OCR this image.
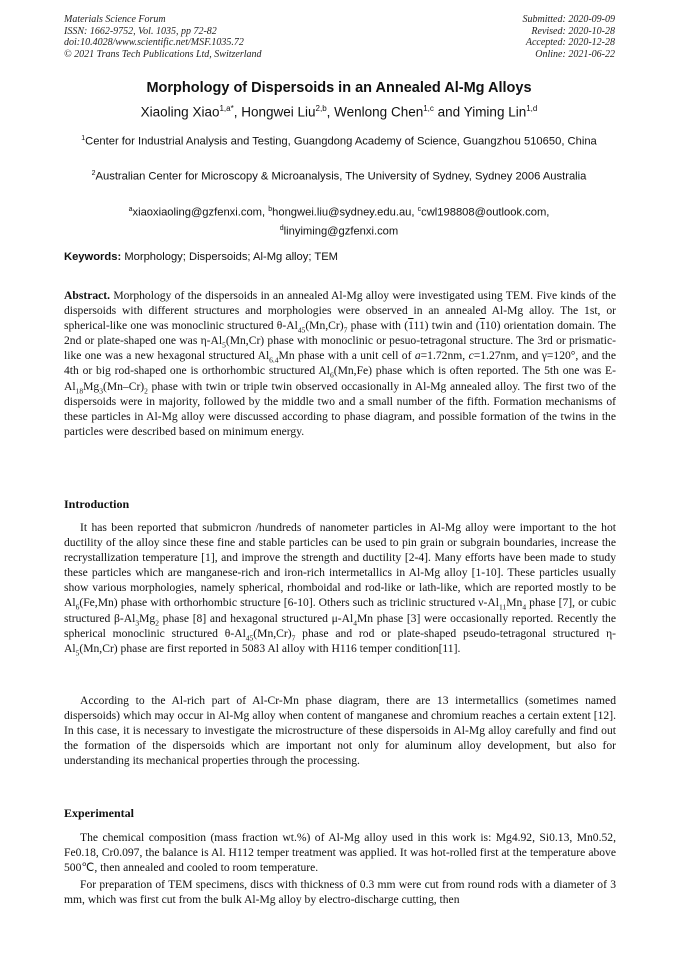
Materials Science Forum
ISSN: 1662-9752, Vol. 1035, pp 72-82
doi:10.4028/www.scientific.net/MSF.1035.72
© 2021 Trans Tech Publications Ltd, Switzerland
Submitted: 2020-09-09
Revised: 2020-10-28
Accepted: 2020-12-28
Online: 2021-06-22
Morphology of Dispersoids in an Annealed Al-Mg Alloys
Xiaoling Xiao$^{1,a*}$, Hongwei Liu$^{2,b}$, Wenlong Chen$^{1,c}$ and Yiming Lin$^{1,d}$
$^1$Center for Industrial Analysis and Testing, Guangdong Academy of Science, Guangzhou 510650, China
$^2$Australian Center for Microscopy & Microanalysis, The University of Sydney, Sydney 2006 Australia
$^a$xiaoxiaoling@gzfenxi.com, $^b$hongwei.liu@sydney.edu.au, $^c$cwl198808@outlook.com,
$^d$linyiming@gzfenxi.com
Keywords: Morphology; Dispersoids; Al-Mg alloy; TEM
Abstract. Morphology of the dispersoids in an annealed Al-Mg alloy were investigated using TEM. Five kinds of the dispersoids with different structures and morphologies were observed in an annealed Al-Mg alloy. The 1st, or spherical-like one was monoclinic structured $\theta-Al_{45}(Mn,Cr)_7$ phase with (111) twin and (110) orientation domain. The 2nd or plate-shaped one was $\eta-Al_5(Mn,Cr)$ phase with monoclinic or pesuo-tetragonal structure. The 3rd or prismatic-like one was a new hexagonal structured $Al_{6.4}Mn$ phase with a unit cell of a=1.72nm, c=1.27nm, and γ=120°, and the 4th or big rod-shaped one is orthorhombic structured $Al_6(Mn,Fe)$ phase which is often reported. The 5th one was $E-Al_{18}Mg_3(Mn-Cr)_2$ phase with twin or triple twin observed occasionally in Al-Mg annealed alloy. The first two of the dispersoids were in majority, followed by the middle two and a small number of the fifth. Formation mechanisms of these particles in Al-Mg alloy were discussed according to phase diagram, and possible formation of the twins in the particles were described based on minimum energy.
Introduction
It has been reported that submicron /hundreds of nanometer particles in Al-Mg alloy were important to the hot ductility of the alloy since these fine and stable particles can be used to pin grain or subgrain boundaries, increase the recrystallization temperature [1], and improve the strength and ductility [2-4]. Many efforts have been made to study these particles which are manganese-rich and iron-rich intermetallics in Al-Mg alloy [1-10]. These particles usually show various morphologies, namely spherical, rhomboidal and rod-like or lath-like, which are reported mostly to be $Al_6(Fe,Mn)$ phase with orthorhombic structure [6-10]. Others such as triclinic structured $\nu-Al_{11}Mn_4$ phase [7], or cubic structured $\beta-Al_3Mg_2$ phase [8] and hexagonal structured $\mu-Al_4Mn$ phase [3] were occasionally reported. Recently the spherical monoclinic structured $\theta-Al_{45}(Mn,Cr)_7$ phase and rod or plate-shaped pseudo-tetragonal structured $\eta-Al_5(Mn,Cr)$ phase are first reported in 5083 Al alloy with H116 temper condition[11].
According to the Al-rich part of Al-Cr-Mn phase diagram, there are 13 intermetallics (sometimes named dispersoids) which may occur in Al-Mg alloy when content of manganese and chromium reaches a certain extent [12]. In this case, it is necessary to investigate the microstructure of these dispersoids in Al-Mg alloy carefully and find out the formation of the dispersoids which are important not only for aluminum alloy development, but also for understanding its mechanical properties through the processing.
Experimental
The chemical composition (mass fraction wt.%) of Al-Mg alloy used in this work is: Mg4.92, Si0.13, Mn0.52, Fe0.18, Cr0.097, the balance is Al. H112 temper treatment was applied. It was hot-rolled first at the temperature above 500℃, then annealed and cooled to room temperature.
For preparation of TEM specimens, discs with thickness of 0.3 mm were cut from round rods with a diameter of 3 mm, which was first cut from the bulk Al-Mg alloy by electro-discharge cutting, then
